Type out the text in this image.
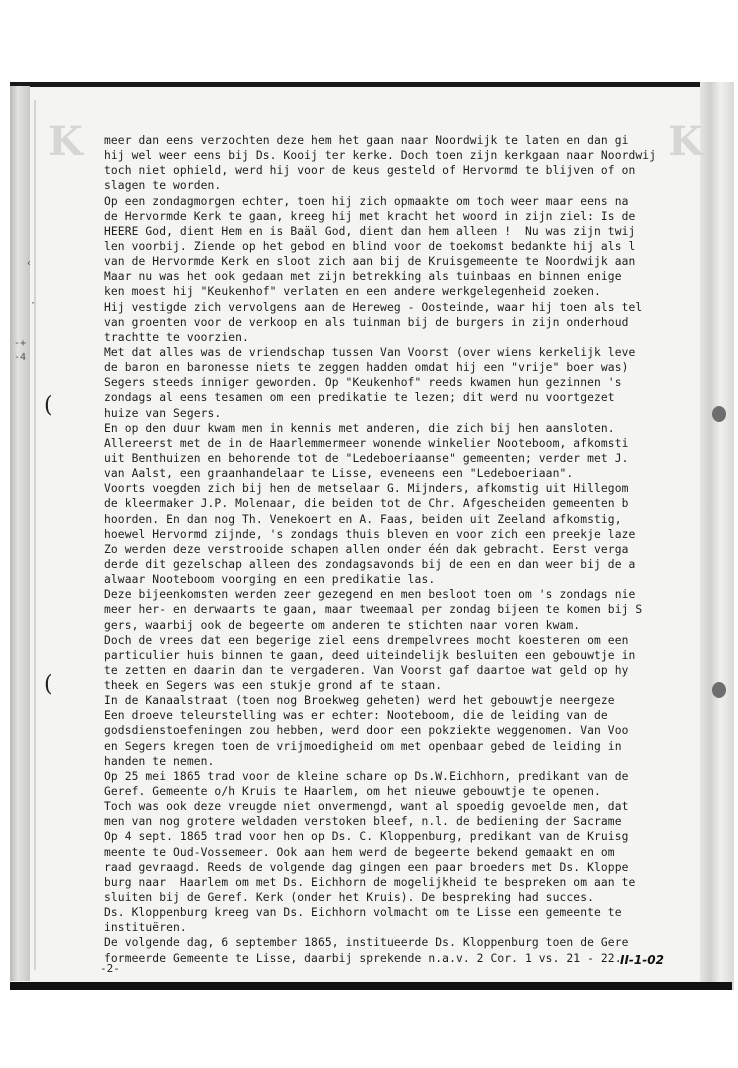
K	K
(
(
-+
-4
·
‹
meer dan eens verzochten deze hem het gaan naar Noordwijk te laten en dan gi
hij wel weer eens bij Ds. Kooij ter kerke. Doch toen zijn kerkgaan naar Noordwij
toch niet ophield, werd hij voor de keus gesteld of Hervormd te blijven of on
slagen te worden.
Op een zondagmorgen echter, toen hij zich opmaakte om toch weer maar eens na
de Hervormde Kerk te gaan, kreeg hij met kracht het woord in zijn ziel: Is de
HEERE God, dient Hem en is Baäl God, dient dan hem alleen !  Nu was zijn twij
len voorbij. Ziende op het gebod en blind voor de toekomst bedankte hij als l
van de Hervormde Kerk en sloot zich aan bij de Kruisgemeente te Noordwijk aan
Maar nu was het ook gedaan met zijn betrekking als tuinbaas en binnen enige
ken moest hij "Keukenhof" verlaten en een andere werkgelegenheid zoeken.
Hij vestigde zich vervolgens aan de Hereweg - Oosteinde, waar hij toen als tel
van groenten voor de verkoop en als tuinman bij de burgers in zijn onderhoud
trachtte te voorzien.
Met dat alles was de vriendschap tussen Van Voorst (over wiens kerkelijk leve
de baron en baronesse niets te zeggen hadden omdat hij een "vrije" boer was)
Segers steeds inniger geworden. Op "Keukenhof" reeds kwamen hun gezinnen 's
zondags al eens tesamen om een predikatie te lezen; dit werd nu voortgezet
huize van Segers.
En op den duur kwam men in kennis met anderen, die zich bij hen aansloten.
Allereerst met de in de Haarlemmermeer wonende winkelier Nooteboom, afkomsti
uit Benthuizen en behorende tot de "Ledeboeriaanse" gemeenten; verder met J.
van Aalst, een graanhandelaar te Lisse, eveneens een "Ledeboeriaan".
Voorts voegden zich bij hen de metselaar G. Mijnders, afkomstig uit Hillegom
de kleermaker J.P. Molenaar, die beiden tot de Chr. Afgescheiden gemeenten b
hoorden. En dan nog Th. Venekoert en A. Faas, beiden uit Zeeland afkomstig,
hoewel Hervormd zijnde, 's zondags thuis bleven en voor zich een preekje laze
Zo werden deze verstrooide schapen allen onder één dak gebracht. Eerst verga
derde dit gezelschap alleen des zondagsavonds bij de een en dan weer bij de a
alwaar Nooteboom voorging en een predikatie las.
Deze bijeenkomsten werden zeer gezegend en men besloot toen om 's zondags nie
meer her- en derwaarts te gaan, maar tweemaal per zondag bijeen te komen bij S
gers, waarbij ook de begeerte om anderen te stichten naar voren kwam.
Doch de vrees dat een begerige ziel eens drempelvrees mocht koesteren om een
particulier huis binnen te gaan, deed uiteindelijk besluiten een gebouwtje in
te zetten en daarin dan te vergaderen. Van Voorst gaf daartoe wat geld op hy
theek en Segers was een stukje grond af te staan.
In de Kanaalstraat (toen nog Broekweg geheten) werd het gebouwtje neergeze
Een droeve teleurstelling was er echter: Nooteboom, die de leiding van de
godsdienstoefeningen zou hebben, werd door een pokziekte weggenomen. Van Voo
en Segers kregen toen de vrijmoedigheid om met openbaar gebed de leiding in
handen te nemen.
Op 25 mei 1865 trad voor de kleine schare op Ds.W.Eichhorn, predikant van de
Geref. Gemeente o/h Kruis te Haarlem, om het nieuwe gebouwtje te openen.
Toch was ook deze vreugde niet onvermengd, want al spoedig gevoelde men, dat
men van nog grotere weldaden verstoken bleef, n.l. de bediening der Sacrame
Op 4 sept. 1865 trad voor hen op Ds. C. Kloppenburg, predikant van de Kruisg
meente te Oud-Vossemeer. Ook aan hem werd de begeerte bekend gemaakt en om
raad gevraagd. Reeds de volgende dag gingen een paar broeders met Ds. Kloppe
burg naar  Haarlem om met Ds. Eichhorn de mogelijkheid te bespreken om aan te
sluiten bij de Geref. Kerk (onder het Kruis). De bespreking had succes.
Ds. Kloppenburg kreeg van Ds. Eichhorn volmacht om te Lisse een gemeente te
instituëren.
De volgende dag, 6 september 1865, institueerde Ds. Kloppenburg toen de Gere
formeerde Gemeente te Lisse, daarbij sprekende n.a.v. 2 Cor. 1 vs. 21 - 22.
-2-
II-1-02
